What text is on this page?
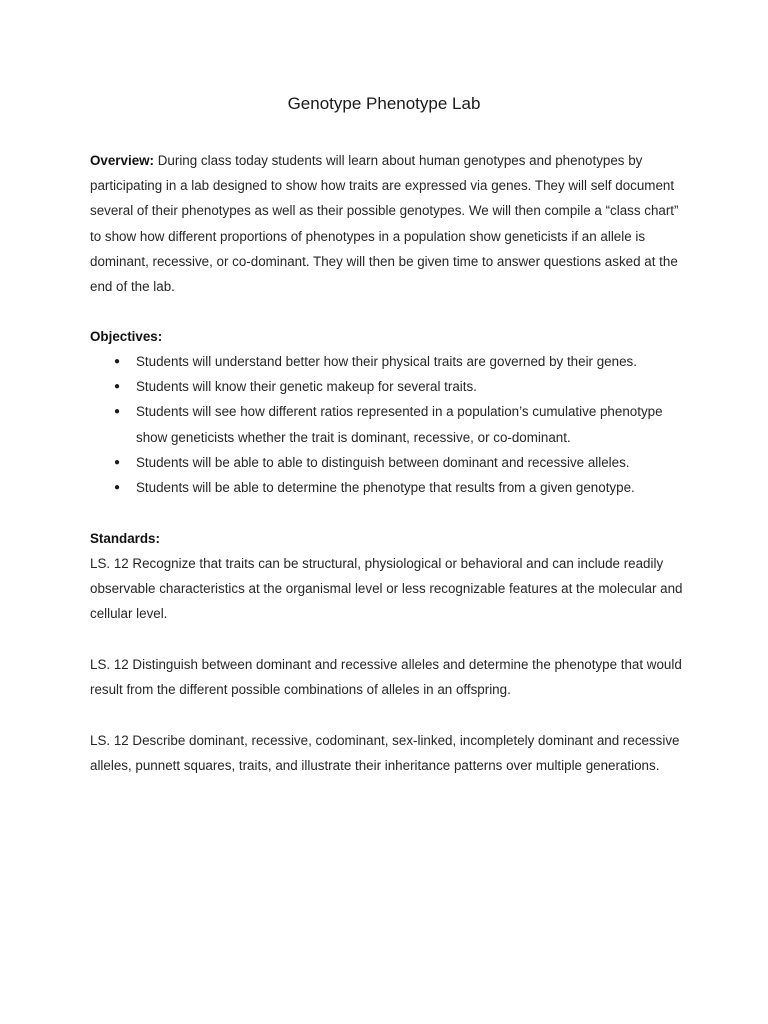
Genotype Phenotype Lab
Overview: During class today students will learn about human genotypes and phenotypes by participating in a lab designed to show how traits are expressed via genes. They will self document several of their phenotypes as well as their possible genotypes. We will then compile a “class chart” to show how different proportions of phenotypes in a population show geneticists if an allele is dominant, recessive, or co-dominant. They will then be given time to answer questions asked at the end of the lab.
Objectives:
● Students will understand better how their physical traits are governed by their genes.
● Students will know their genetic makeup for several traits.
● Students will see how different ratios represented in a population’s cumulative phenotype show geneticists whether the trait is dominant, recessive, or co-dominant.
● Students will be able to able to distinguish between dominant and recessive alleles.
● Students will be able to determine the phenotype that results from a given genotype.
Standards:
LS. 12 Recognize that traits can be structural, physiological or behavioral and can include readily observable characteristics at the organismal level or less recognizable features at the molecular and cellular level.
LS. 12 Distinguish between dominant and recessive alleles and determine the phenotype that would result from the different possible combinations of alleles in an offspring.
LS. 12 Describe dominant, recessive, codominant, sex-linked, incompletely dominant and recessive alleles, punnett squares, traits, and illustrate their inheritance patterns over multiple generations.
